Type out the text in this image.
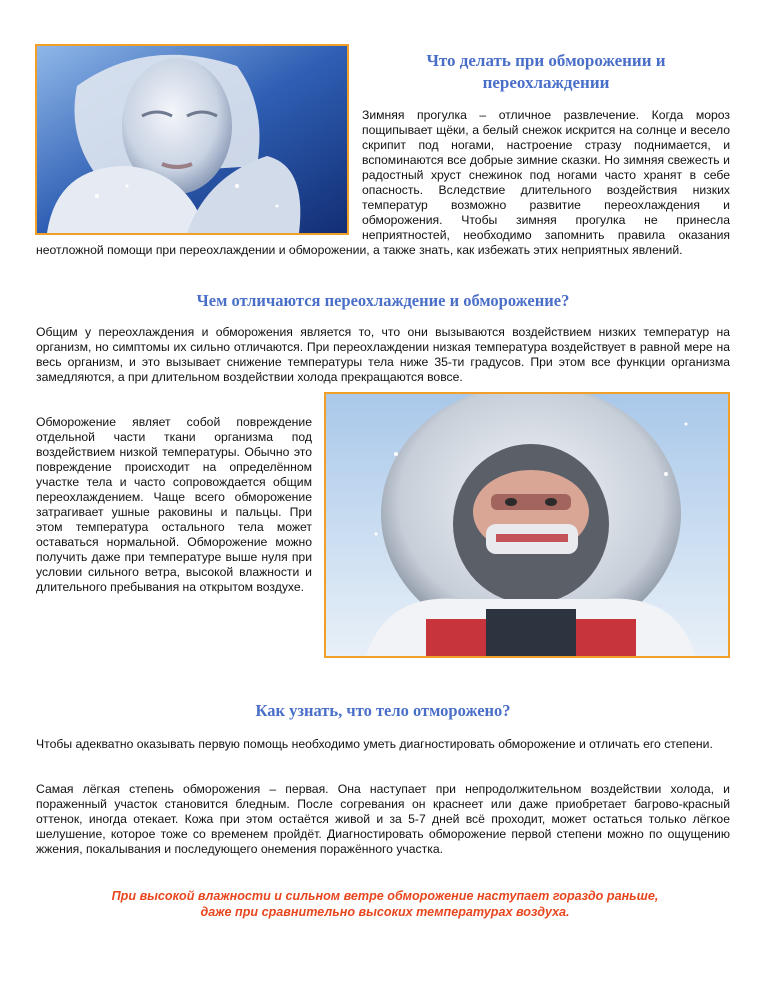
Что делать при обморожении и
переохлаждении
Зимняя прогулка – отличное развлечение. Когда мороз пощипывает щёки, а белый снежок искрится на солнце и весело скрипит под ногами, настроение стразу поднимается, и вспоминаются все добрые зимние сказки. Но зимняя свежесть и радостный хруст снежинок под ногами часто хранят в себе опасность. Вследствие длительного воздействия низких температур возможно развитие переохлаждения и обморожения. Чтобы зимняя прогулка не принесла неприятностей, необходимо запомнить правила оказания неотложной помощи при переохлаждении и обморожении, а также знать, как избежать этих неприятных явлений.
Чем отличаются переохлаждение и обморожение?

Общим у переохлаждения и обморожения является то, что они вызываются воздействием низких температур на организм, но симптомы их сильно отличаются. При переохлаждении низкая температура воздействует в равной мере на весь организм, и это вызывает снижение температуры тела ниже 35-ти градусов. При этом все функции организма замедляются, а при длительном воздействии холода прекращаются вовсе.

Обморожение являет собой повреждение отдельной части ткани организма под воздействием низкой температуры. Обычно это повреждение происходит на определённом участке тела и часто сопровождается общим переохлаждением. Чаще всего обморожение затрагивает ушные раковины и пальцы. При этом температура остального тела может оставаться нормальной. Обморожение можно получить даже при температуре выше нуля при условии сильного ветра, высокой влажности и длительного пребывания на открытом воздухе.
Как узнать, что тело отморожено?

Чтобы адекватно оказывать первую помощь необходимо уметь диагностировать обморожение и отличать его степени.

Самая лёгкая степень обморожения – первая. Она наступает при непродолжительном воздействии холода, и пораженный участок становится бледным. После согревания он краснеет или даже приобретает багрово-красный оттенок, иногда отекает. Кожа при этом остаётся живой и за 5-7 дней всё проходит, может остаться только лёгкое шелушение, которое тоже со временем пройдёт. Диагностировать обморожение первой степени можно по ощущению жжения, покалывания и последующего онемения поражённого участка.

При высокой влажности и сильном ветре обморожение наступает гораздо раньше,
даже при сравнительно высоких температурах воздуха.
